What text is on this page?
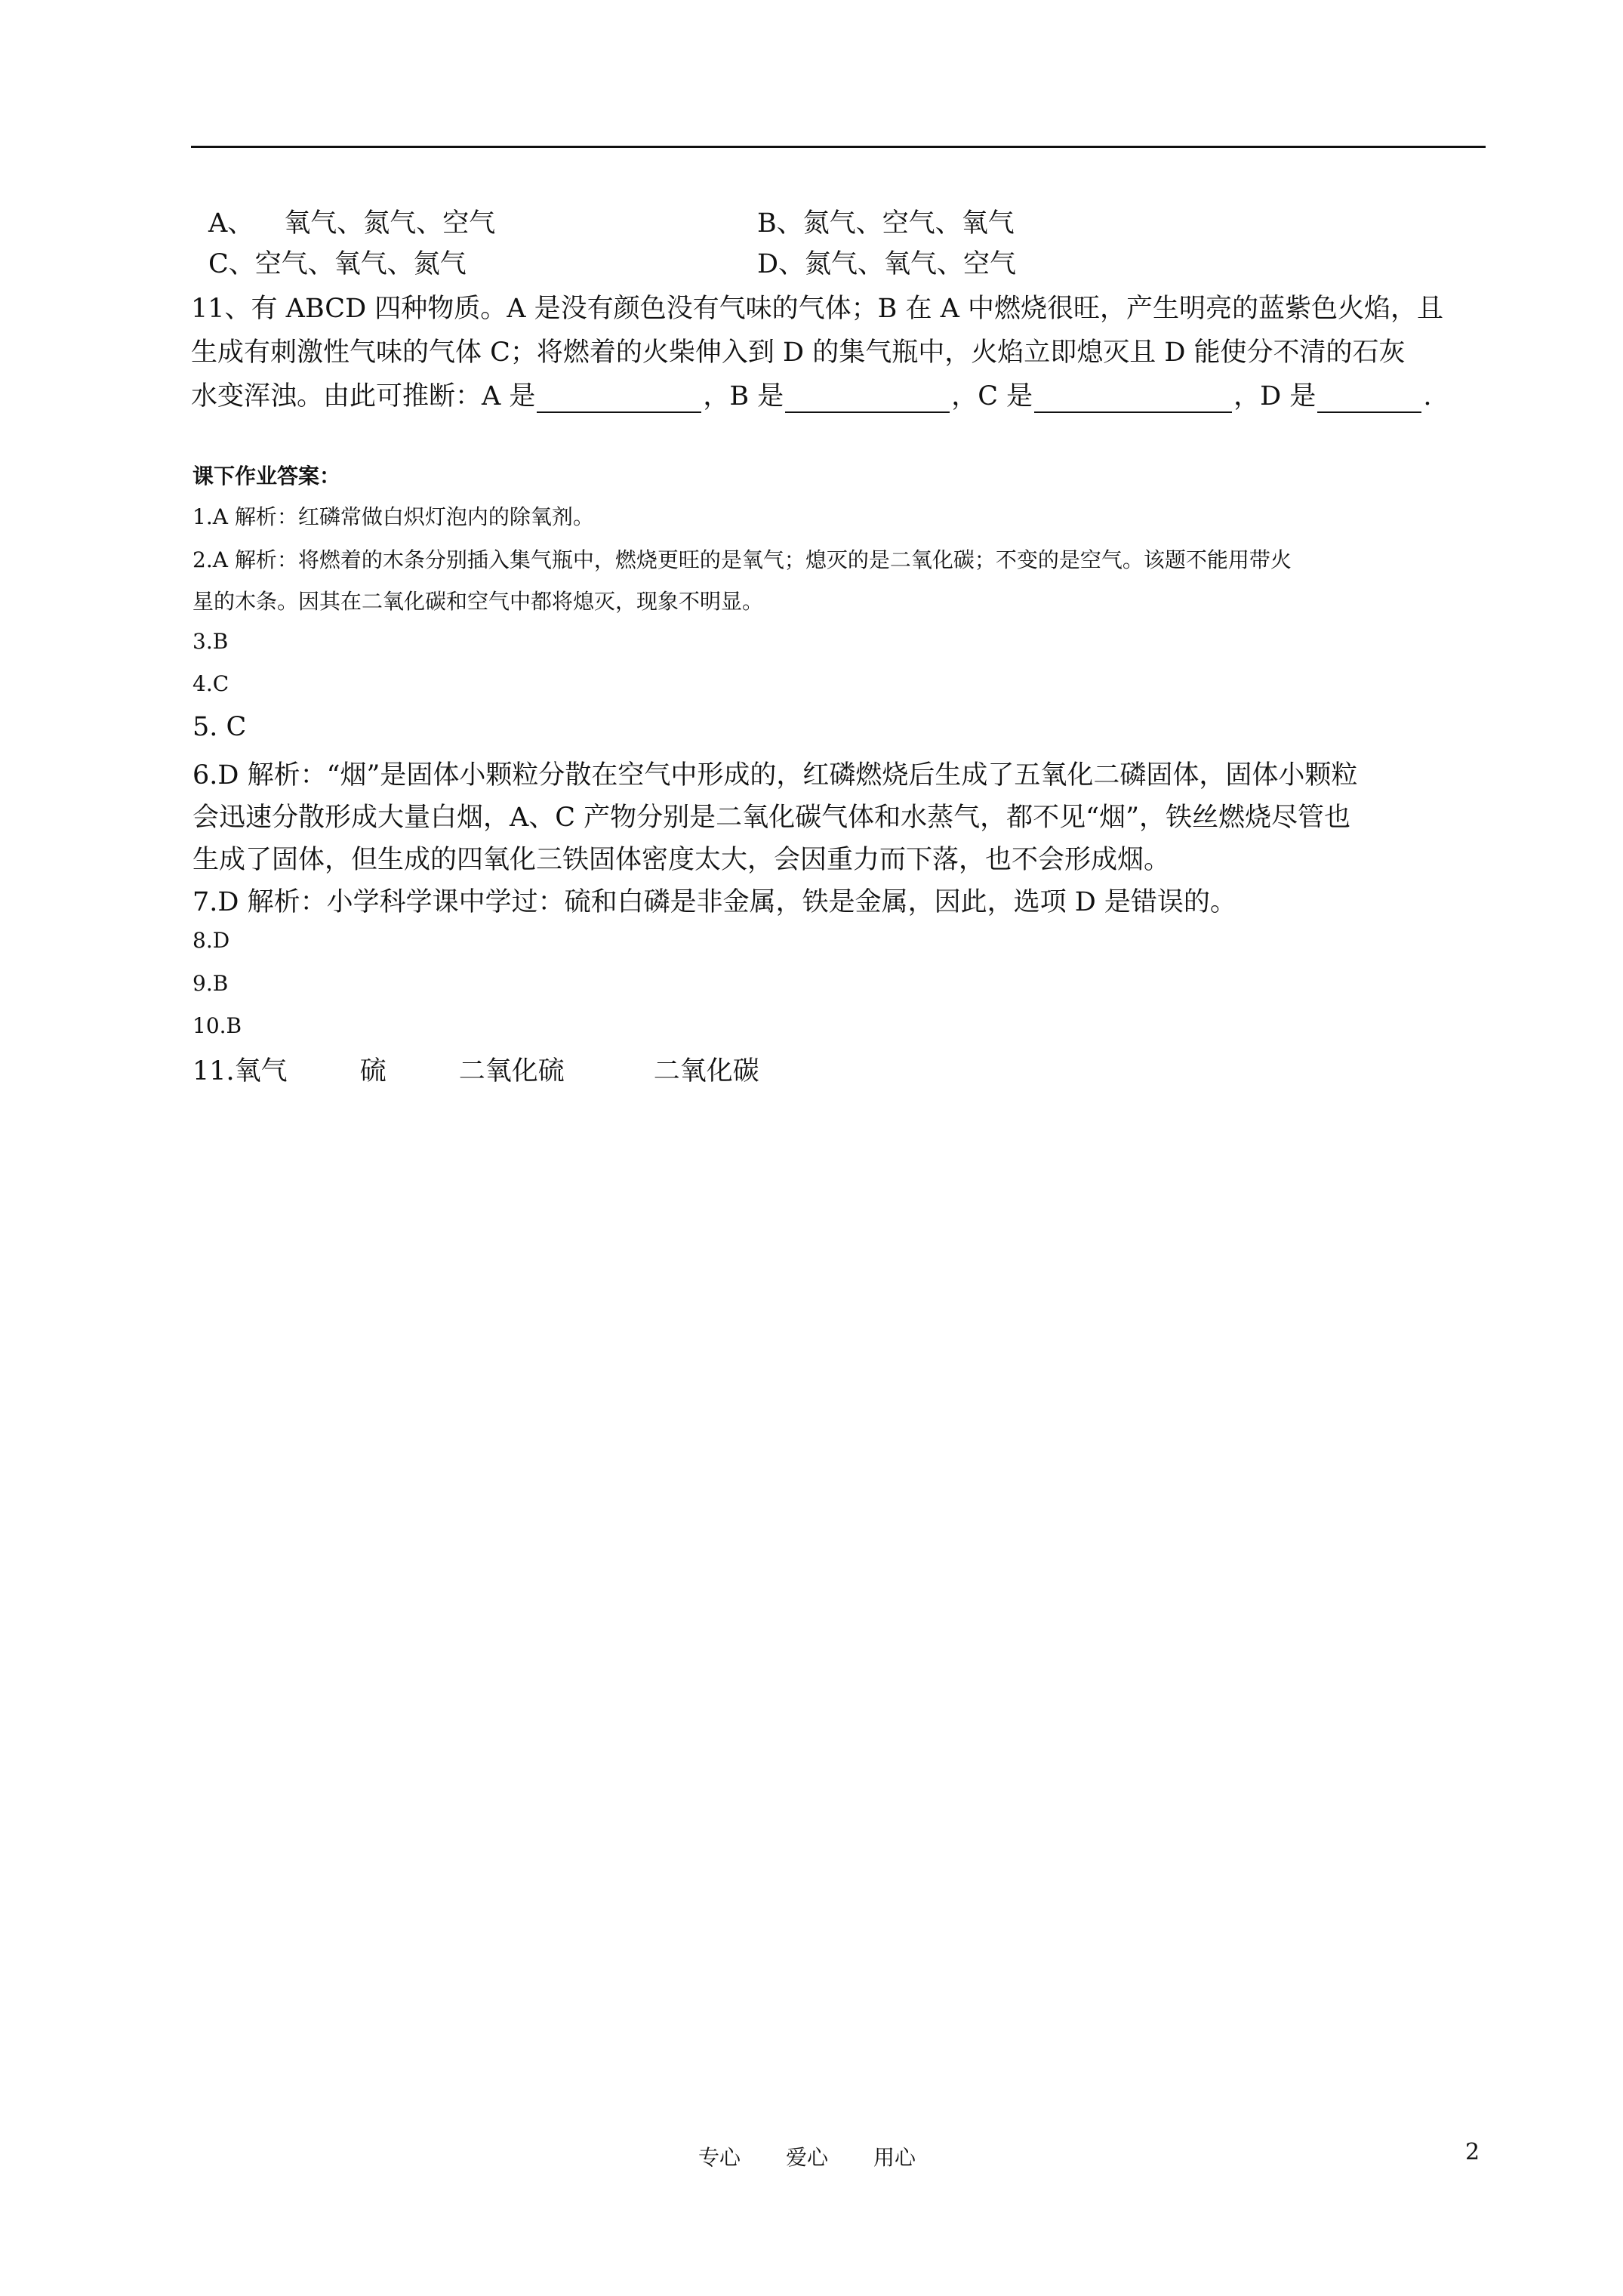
A、 氧气、氮气、空气	B、氮气、空气、氧气
C、空气、氧气、氮气	D、氮气、氧气、空气
11、有 ABCD 四种物质。A 是没有颜色没有气味的气体；B 在 A 中燃烧很旺，产生明亮的蓝紫色火焰，且
生成有刺激性气味的气体 C；将燃着的火柴伸入到 D 的集气瓶中，火焰立即熄灭且 D 能使分不清的石灰
水变浑浊。由此可推断：A 是	，B 是	，C 是	，D 是	.
课下作业答案：
1.A 解析：红磷常做白炽灯泡内的除氧剂。
2.A 解析：将燃着的木条分别插入集气瓶中，燃烧更旺的是氧气；熄灭的是二氧化碳；不变的是空气。该题不能用带火
星的木条。因其在二氧化碳和空气中都将熄灭，现象不明显。
3.B
4.C
5. C
6.D 解析：“烟”是固体小颗粒分散在空气中形成的，红磷燃烧后生成了五氧化二磷固体，固体小颗粒
会迅速分散形成大量白烟，A、C 产物分别是二氧化碳气体和水蒸气，都不见“烟”，铁丝燃烧尽管也
生成了固体，但生成的四氧化三铁固体密度太大，会因重力而下落，也不会形成烟。
7.D 解析：小学科学课中学过：硫和白磷是非金属，铁是金属，因此，选项 D 是错误的。
8.D
9.B
10.B
11.氧气	硫	二氧化硫	二氧化碳
专心 爱心 用心	2
